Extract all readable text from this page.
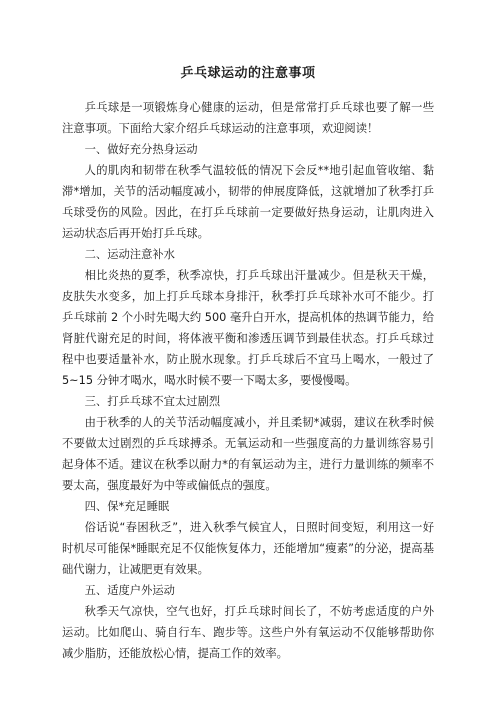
乒乓球运动的注意事项

乒乓球是一项锻炼身心健康的运动，但是常常打乒乓球也要了解一些注意事项。下面给大家介绍乒乓球运动的注意事项，欢迎阅读！

一、做好充分热身运动

人的肌肉和韧带在秋季气温较低的情况下会反**地引起血管收缩、黏滞*增加，关节的活动幅度减小，韧带的伸展度降低，这就增加了秋季打乒乓球受伤的风险。因此，在打乒乓球前一定要做好热身运动，让肌肉进入运动状态后再开始打乒乓球。

二、运动注意补水

相比炎热的夏季，秋季凉快，打乒乓球出汗量减少。但是秋天干燥，皮肤失水变多，加上打乒乓球本身排汗，秋季打乒乓球补水可不能少。打乒乓球前 2 个小时先喝大约 500 毫升白开水，提高机体的热调节能力，给肾脏代谢充足的时间，将体液平衡和渗透压调节到最佳状态。打乒乓球过程中也要适量补水，防止脱水现象。打乒乓球后不宜马上喝水，一般过了 5~15 分钟才喝水，喝水时候不要一下喝太多，要慢慢喝。

三、打乒乓球不宜太过剧烈

由于秋季的人的关节活动幅度减小，并且柔韧*减弱，建议在秋季时候不要做太过剧烈的乒乓球搏杀。无氧运动和一些强度高的力量训练容易引起身体不适。建议在秋季以耐力*的有氧运动为主，进行力量训练的频率不要太高，强度最好为中等或偏低点的强度。

四、保*充足睡眠

俗话说“春困秋乏”，进入秋季气候宜人，日照时间变短，利用这一好时机尽可能保*睡眠充足不仅能恢复体力，还能增加“瘦素”的分泌，提高基础代谢力，让减肥更有效果。

五、适度户外运动

秋季天气凉快，空气也好，打乒乓球时间长了，不妨考虑适度的户外运动。比如爬山、骑自行车、跑步等。这些户外有氧运动不仅能够帮助你减少脂肪，还能放松心情，提高工作的效率。
